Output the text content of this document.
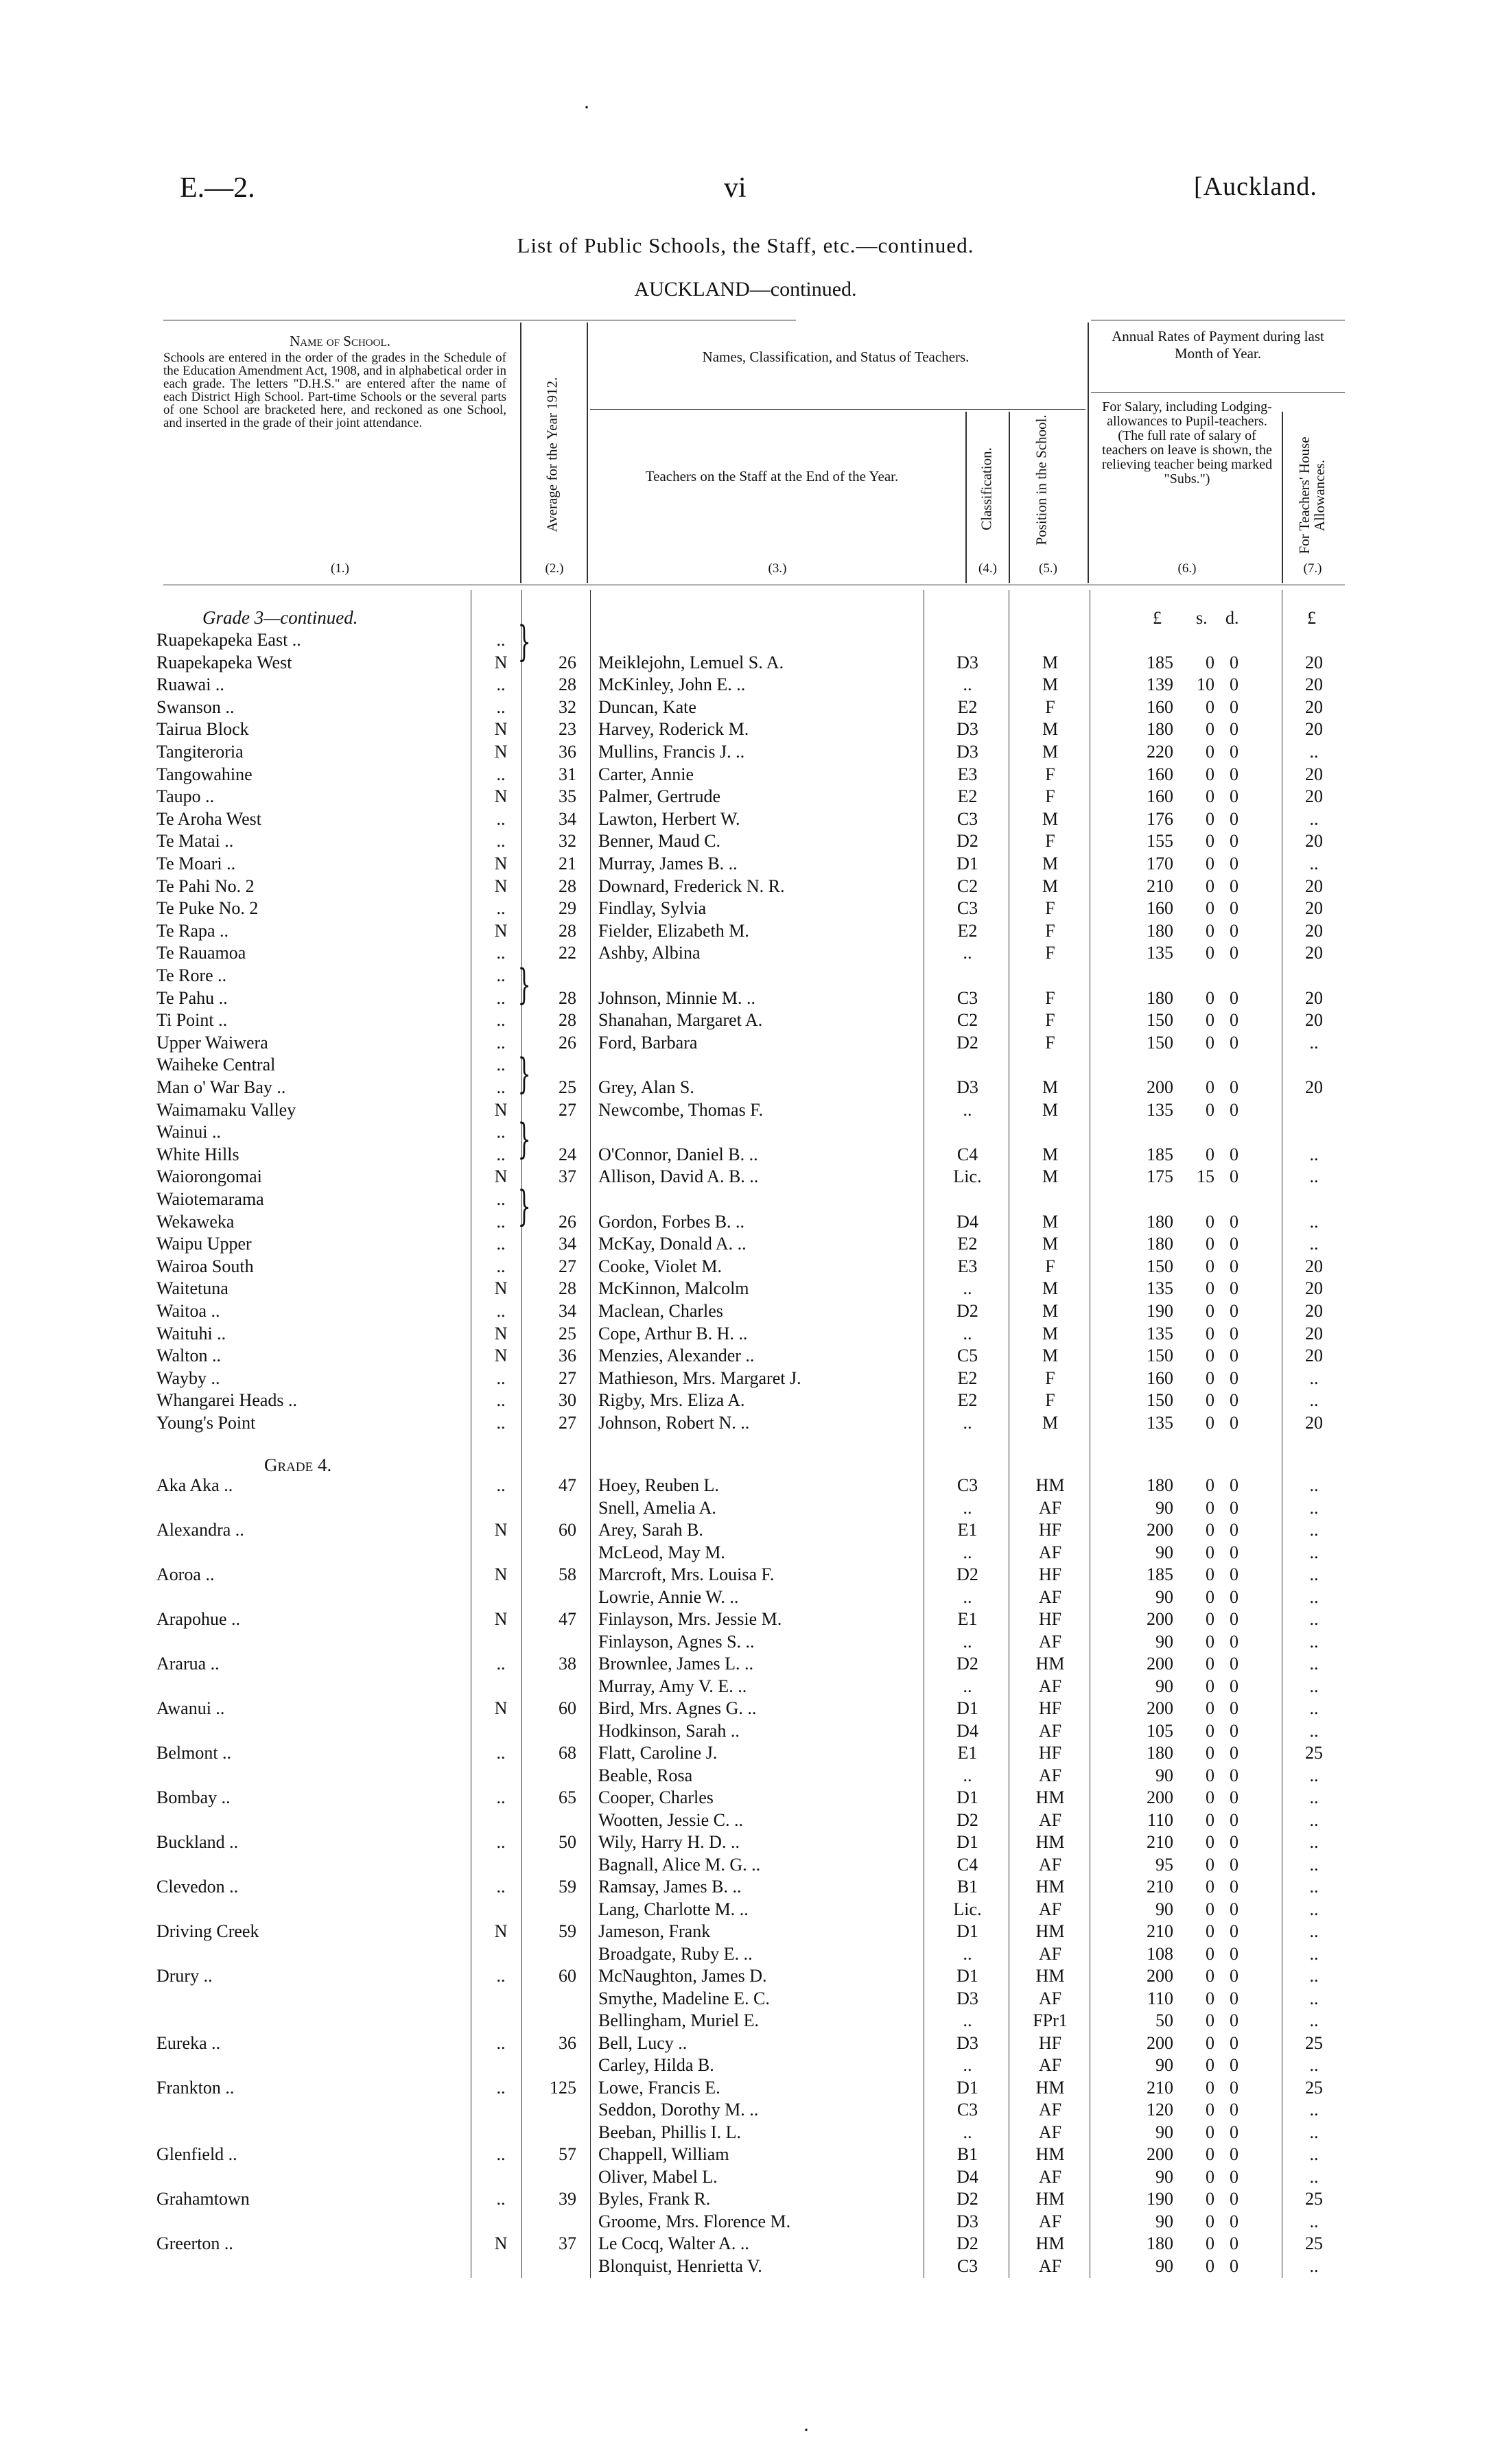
·
E.—2.	vi	[Auckland.
List of Public Schools, the Staff, etc.—continued.
AUCKLAND—continued.
Name of School.
Schools are entered in the order of the grades in the Schedule of the Education Amendment Act, 1908, and in alphabetical order in each grade. The letters "D.H.S." are entered after the name of each District High School. Part-time Schools or the several parts of one School are bracketed here, and reckoned as one School, and inserted in the grade of their joint attendance.
(1.)
Average for the Year 1912.
(2.)
Names, Classification, and Status of Teachers.
Teachers on the Staff at the End of the Year.
(3.)
Classification.
(4.)
Position in the School.
(5.)
Annual Rates of Payment during last Month of Year.
For Salary, including Lodging-allowances to Pupil-teachers. (The full rate of salary of teachers on leave is shown, the relieving teacher being marked "Subs.")
(6.)
For Teachers' House Allowances.
(7.)
Grade 3—continued.	£ s. d.	£
Ruapekapeka East ..	..
Ruapekapeka West	N	26 Meiklejohn, Lemuel S. A.	D3	M	185	0 0	20
Ruawai ..	..	28 McKinley, John E. ..	..	M	139	10 0	20
Swanson ..	..	32 Duncan, Kate	E2	F	160	0 0	20
Tairua Block	N	23 Harvey, Roderick M.	D3	M	180	0 0	20
Tangiteroria	N	36 Mullins, Francis J. ..	D3	M	220	0 0	..
Tangowahine	..	31 Carter, Annie	E3	F	160	0 0	20
Taupo ..	N	35 Palmer, Gertrude	E2	F	160	0 0	20
Te Aroha West	..	34 Lawton, Herbert W.	C3	M	176	0 0	..
Te Matai ..	..	32 Benner, Maud C.	D2	F	155	0 0	20
Te Moari ..	N	21 Murray, James B. ..	D1	M	170	0 0	..
Te Pahi No. 2	N	28 Downard, Frederick N. R.	C2	M	210	0 0	20
Te Puke No. 2	..	29 Findlay, Sylvia	C3	F	160	0 0	20
Te Rapa ..	N	28 Fielder, Elizabeth M.	E2	F	180	0 0	20
Te Rauamoa	..	22 Ashby, Albina	..	F	135	0 0	20
Te Rore ..	..
Te Pahu ..	..	28 Johnson, Minnie M. ..	C3	F	180	0 0	20
Ti Point ..	..	28 Shanahan, Margaret A.	C2	F	150	0 0	20
Upper Waiwera	..	26 Ford, Barbara	D2	F	150	0 0	..
Waiheke Central	..
Man o' War Bay ..	..	25 Grey, Alan S.	D3	M	200	0 0	20
Waimamaku Valley	N	27 Newcombe, Thomas F.	..	M	135	0 0
Wainui ..	..
White Hills	..	24 O'Connor, Daniel B. ..	C4	M	185	0 0	..
Waiorongomai	N	37 Allison, David A. B. ..	Lic.	M	175	15 0	..
Waiotemarama	..
Wekaweka	..	26 Gordon, Forbes B. ..	D4	M	180	0 0	..
Waipu Upper	..	34 McKay, Donald A. ..	E2	M	180	0 0	..
Wairoa South	..	27 Cooke, Violet M.	E3	F	150	0 0	20
Waitetuna	N	28 McKinnon, Malcolm	..	M	135	0 0	20
Waitoa ..	..	34 Maclean, Charles	D2	M	190	0 0	20
Waituhi ..	N	25 Cope, Arthur B. H. ..	..	M	135	0 0	20
Walton ..	N	36 Menzies, Alexander ..	C5	M	150	0 0	20
Wayby ..	..	27 Mathieson, Mrs. Margaret J.	E2	F	160	0 0	..
Whangarei Heads ..	..	30 Rigby, Mrs. Eliza A.	E2	F	150	0 0	..
Young's Point	..	27 Johnson, Robert N. ..	..	M	135	0 0	20
Grade 4.
Aka Aka ..	..	47 Hoey, Reuben L.	C3	HM	180	0 0	..
Snell, Amelia A.	..	AF	90	0 0	..
Alexandra ..	N	60 Arey, Sarah B.	E1	HF	200	0 0	..
McLeod, May M.	..	AF	90	0 0	..
Aoroa ..	N	58 Marcroft, Mrs. Louisa F.	D2	HF	185	0 0	..
Lowrie, Annie W. ..	..	AF	90	0 0	..
Arapohue ..	N	47 Finlayson, Mrs. Jessie M.	E1	HF	200	0 0	..
Finlayson, Agnes S. ..	..	AF	90	0 0	..
Ararua ..	..	38 Brownlee, James L. ..	D2	HM	200	0 0	..
Murray, Amy V. E. ..	..	AF	90	0 0	..
Awanui ..	N	60 Bird, Mrs. Agnes G. ..	D1	HF	200	0 0	..
Hodkinson, Sarah ..	D4	AF	105	0 0	..
Belmont ..	..	68 Flatt, Caroline J.	E1	HF	180	0 0	25
Beable, Rosa	..	AF	90	0 0	..
Bombay ..	..	65 Cooper, Charles	D1	HM	200	0 0	..
Wootten, Jessie C. ..	D2	AF	110	0 0	..
Buckland ..	..	50 Wily, Harry H. D. ..	D1	HM	210	0 0	..
Bagnall, Alice M. G. ..	C4	AF	95	0 0	..
Clevedon ..	..	59 Ramsay, James B. ..	B1	HM	210	0 0	..
Lang, Charlotte M. ..	Lic.	AF	90	0 0	..
Driving Creek	N	59 Jameson, Frank	D1	HM	210	0 0	..
Broadgate, Ruby E. ..	..	AF	108	0 0	..
Drury ..	..	60 McNaughton, James D.	D1	HM	200	0 0	..
Smythe, Madeline E. C.	D3	AF	110	0 0	..
Bellingham, Muriel E.	..	FPr1	50	0 0	..
Eureka ..	..	36 Bell, Lucy ..	D3	HF	200	0 0	25
Carley, Hilda B.	..	AF	90	0 0	..
Frankton ..	..	125 Lowe, Francis E.	D1	HM	210	0 0	25
Seddon, Dorothy M. ..	C3	AF	120	0 0	..
Beeban, Phillis I. L.	..	AF	90	0 0	..
Glenfield ..	..	57 Chappell, William	B1	HM	200	0 0	..
Oliver, Mabel L.	D4	AF	90	0 0	..
Grahamtown	..	39 Byles, Frank R.	D2	HM	190	0 0	25
Groome, Mrs. Florence M.	D3	AF	90	0 0	..
Greerton ..	N	37 Le Cocq, Walter A. ..	D2	HM	180	0 0	25
Blonquist, Henrietta V.	C3	AF	90	0 0	..
}
}
}
}
}
·
